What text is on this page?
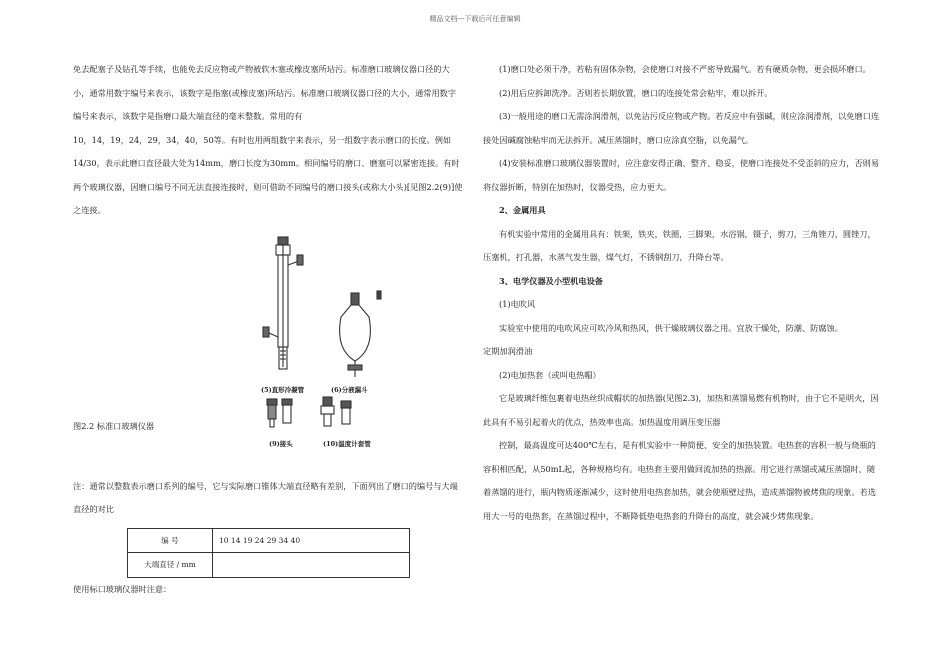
精品文档---下载后可任意编辑

免去配塞子及钻孔等手续，也能免去反应物或产物被软木塞或橡皮塞所玷污。标准磨口玻璃仪器口径的大小，通常用数字编号来表示，该数字是指塞(或橡皮塞)所玷污。标准磨口玻璃仪器口径的大小，通常用数字编号来表示，该数字是指磨口最大端直径的毫米整数。常用的有

10，14，19，24，29，34，40，50等。有时也用两组数字来表示，另一组数字表示磨口的长度。例如14/30，表示此磨口直径最大处为14mm，磨口长度为30mm。相同编号的磨口、磨塞可以紧密连接。有时两个玻璃仪器，因磨口编号不同无法直接连接时，则可借助不同编号的磨口接头(或称大小头)[见图2.2(9)]使之连接。

(5)直形冷凝管	(6)分液漏斗
(9)接头	(10)温度计套管
图2.2 标准口玻璃仪器

注：通常以整数表示磨口系列的编号，它与实际磨口锥体大端直径略有差别，下面列出了磨口的编号与大端直径的对比

编 号	10 14 19 24 29 34 40
大端直径 / mm	

使用标口玻璃仪器时注意：

(1)磨口处必须干净，若粘有固体杂物，会使磨口对接不严密导致漏气。若有硬质杂物，更会损坏磨口。

(2)用后应拆卸洗净。否则若长期放置，磨口的连接处常会粘牢，难以拆开。

(3)一般用途的磨口无需涂润滑剂，以免沾污反应物或产物。若反应中有强碱，则应涂润滑剂，以免磨口连接处因碱腐蚀粘牢而无法拆开。减压蒸馏时，磨口应涂真空脂，以免漏气。

(4)安装标准磨口玻璃仪器装置时，应注意安得正确、整齐、稳妥，使磨口连接处不受歪斜的应力，否则易将仪器折断，特别在加热时，仪器受热，应力更大。

2、金属用具

有机实验中常用的金属用具有：铁架，铁夹，铁圈，三脚架，水浴锅，镊子，剪刀，三角锉刀，圆锉刀，压塞机，打孔器，水蒸气发生器，煤气灯，不锈钢刮刀，升降台等。

3、电学仪器及小型机电设备

(1)电吹风

实验室中使用的电吹风应可吹冷风和热风，供干燥玻璃仪器之用。宜放干燥处，防潮、防腐蚀。

定期加润滑油

(2)电加热套（或叫电热帽）

它是玻璃纤维包裹着电热丝织成帽状的加热器(见图2.3)，加热和蒸馏易燃有机物时，由于它不是明火，因此具有不易引起着火的优点，热效率也高。加热温度用调压变压器

控制，最高温度可达400℃左右，是有机实验中一种简便、安全的加热装置。电热套的容积一般与烧瓶的容积相匹配，从50mL起，各种规格均有。电热套主要用做回流加热的热源。用它进行蒸馏或减压蒸馏时，随着蒸馏的进行，瓶内物质逐渐减少，这时使用电热套加热，就会使瓶壁过热，造成蒸馏物被烤焦的现象。若选用大一号的电热套，在蒸馏过程中，不断降低垫电热套的升降台的高度，就会减少烤焦现象。
